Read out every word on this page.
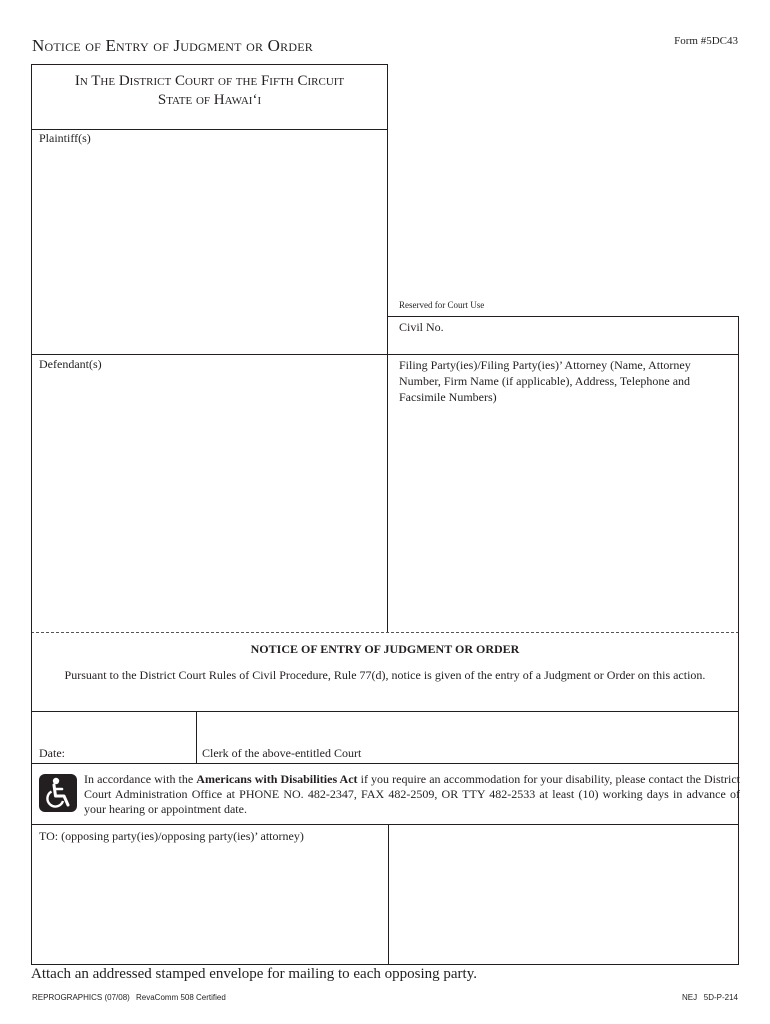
Notice of Entry of Judgment or Order	Form #5DC43
In The District Court of the Fifth Circuit
State of Hawaiʻi
Plaintiff(s)
Defendant(s)
Reserved for Court Use
Civil No.
Filing Party(ies)/Filing Party(ies)’ Attorney (Name, Attorney Number, Firm Name (if applicable), Address, Telephone and Facsimile Numbers)
NOTICE OF ENTRY OF JUDGMENT OR ORDER
Pursuant to the District Court Rules of Civil Procedure, Rule 77(d), notice is given of the entry of a Judgment or Order on this action.
Date:	Clerk of the above-entitled Court
In accordance with the Americans with Disabilities Act if you require an accommodation for your disability, please contact the District Court Administration Office at PHONE NO. 482-2347, FAX 482-2509, OR TTY 482-2533 at least (10) working days in advance of your hearing or appointment date.
TO: (opposing party(ies)/opposing party(ies)’ attorney)
Attach an addressed stamped envelope for mailing to each opposing party.
REPROGRAPHICS (07/08) RevaComm 508 Certified	NEJ   5D-P-214
